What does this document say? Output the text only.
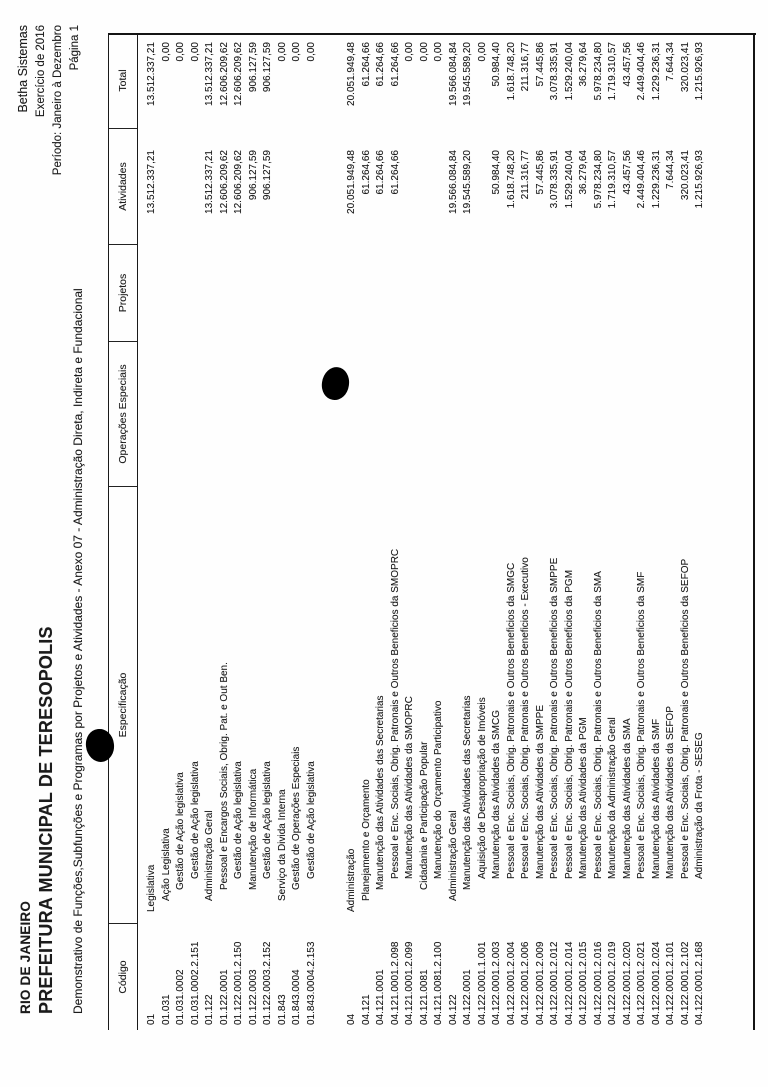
RIO DE JANEIRO PREFEITURA MUNICIPAL DE TERESOPOLIS Demonstrativo de Funções,Subfunções e Programas por Projetos e Atividades - Anexo 07 - Administração Direta, Indireta e Fundacional
Betha Sistemas Exercício de 2016 Período: Janeiro à Dezembro Página 1
Código
Especificação
Operações Especiais
Projetos
Atividades
Total
01
Legislativa
13.512.337,21
13.512.337,21
01.031
Ação Legislativa
0,00
01.031.0002
Gestão de Ação legislativa
0,00
01.031.0002.2.151
Gestão de Ação legislativa
0,00
01.122
Administração Geral
13.512.337,21
13.512.337,21
01.122.0001
Pessoal e Encargos Sociais, Obrig. Pat. e Out Ben.
12.606.209,62
12.606.209,62
01.122.0001.2.150
Gestão de Ação legislativa
12.606.209,62
12.606.209,62
01.122.0003
Manutenção de Informática
906.127,59
906.127,59
01.122.0003.2.152
Gestão de Ação legislativa
906.127,59
906.127,59
01.843
Serviço da Divida Interna
0,00
01.843.0004
Gestão de Operações Especiais
0,00
01.843.0004.2.153
Gestão de Ação legislativa
0,00
04
Administração
20.051.949,48
20.051.949,48
04.121
Planejamento e Orçamento
61.264,66
61.264,66
04.121.0001
Manutenção das Atividades das Secretarias
61.264,66
61.264,66
04.121.0001.2.098
Pessoal e Enc. Sociais, Obrig. Patronais e Outros Beneficios da SMOPRC
61.264,66
61.264,66
04.121.0001.2.099
Manutenção das Atividades da SMOPRC
0,00
04.121.0081
Cidadania e Participação Popular
0,00
04.121.0081.2.100
Manutenção do Orçamento Participativo
0,00
04.122
Administração Geral
19.566.084,84
19.566.084,84
04.122.0001
Manutenção das Atividades das Secretarias
19.545.589,20
19.545.589,20
04.122.0001.1.001
Aquisição de Desapropriação de Imóveis
0,00
04.122.0001.2.003
Manutenção das Atividades da SMCG
50.984,40
50.984,40
04.122.0001.2.004
Pessoal e Enc. Sociais, Obrig. Patronais e Outros Beneficios da SMGC
1.618.748,20
1.618.748,20
04.122.0001.2.006
Pessoal e Enc. Sociais, Obrig. Patronais e Outros Beneficios - Executivo
211.316,77
211.316,77
04.122.0001.2.009
Manutenção das Atividades da SMPPE
57.445,86
57.445,86
04.122.0001.2.012
Pessoal e Enc. Sociais, Obrig. Patronais e Outros Beneficios da SMPPE
3.078.335,91
3.078.335,91
04.122.0001.2.014
Pessoal e Enc. Sociais, Obrig. Patronais e Outros Beneficios da PGM
1.529.240,04
1.529.240,04
04.122.0001.2.015
Manutenção das Atividades da PGM
36.279,64
36.279,64
04.122.0001.2.016
Pessoal e Enc. Sociais, Obrig. Patronais e Outros Beneficios da SMA
5.978.234,80
5.978.234,80
04.122.0001.2.019
Manutenção da Administração Geral
1.719.310,57
1.719.310,57
04.122.0001.2.020
Manutenção das Atividades da SMA
43.457,56
43.457,56
04.122.0001.2.021
Pessoal e Enc. Sociais, Obrig. Patronais e Outros Beneficios da SMF
2.449.404,46
2.449.404,46
04.122.0001.2.024
Manutenção das Atividades da SMF
1.229.236,31
1.229.236,31
04.122.0001.2.101
Manutenção das Atividades da SEFOP
7.644,34
7.644,34
04.122.0001.2.102
Pessoal e Enc. Sociais, Obrig. Patronais e Outros Beneficios da SEFOP
320.023,41
320.023,41
04.122.0001.2.168
Administração da Frota - SESEG
1.215.926,93
1.215.926,93
